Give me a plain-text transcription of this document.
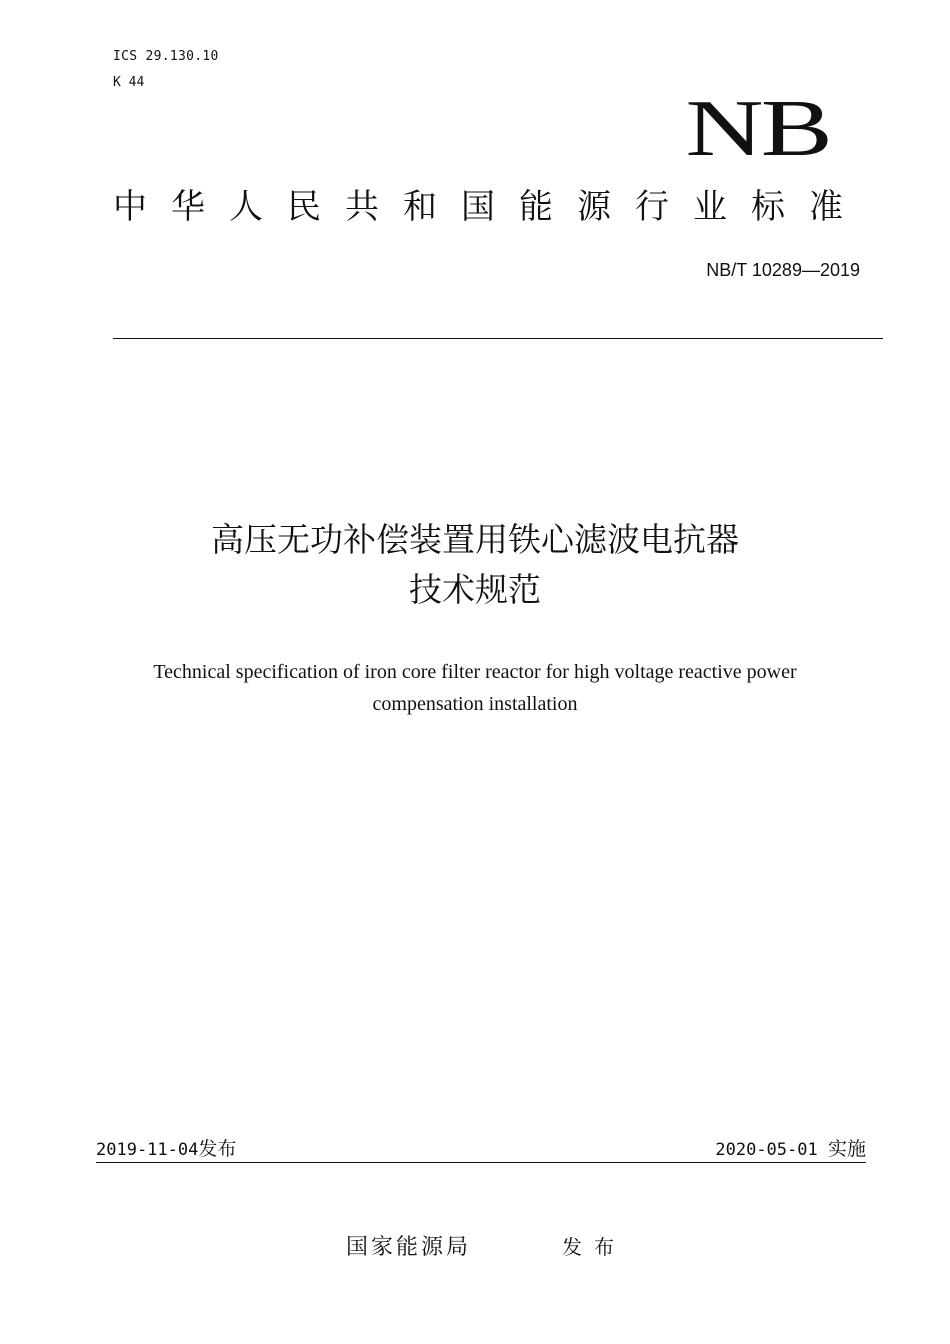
ICS 29.130.10
K 44
NB
中华人民共和国能源行业标准
NB/T 10289—2019
高压无功补偿装置用铁心滤波电抗器
技术规范
Technical specification of iron core filter reactor for high voltage reactive power
compensation installation
2019-11-04发布	2020-05-01 实施
国家能源局	发布
